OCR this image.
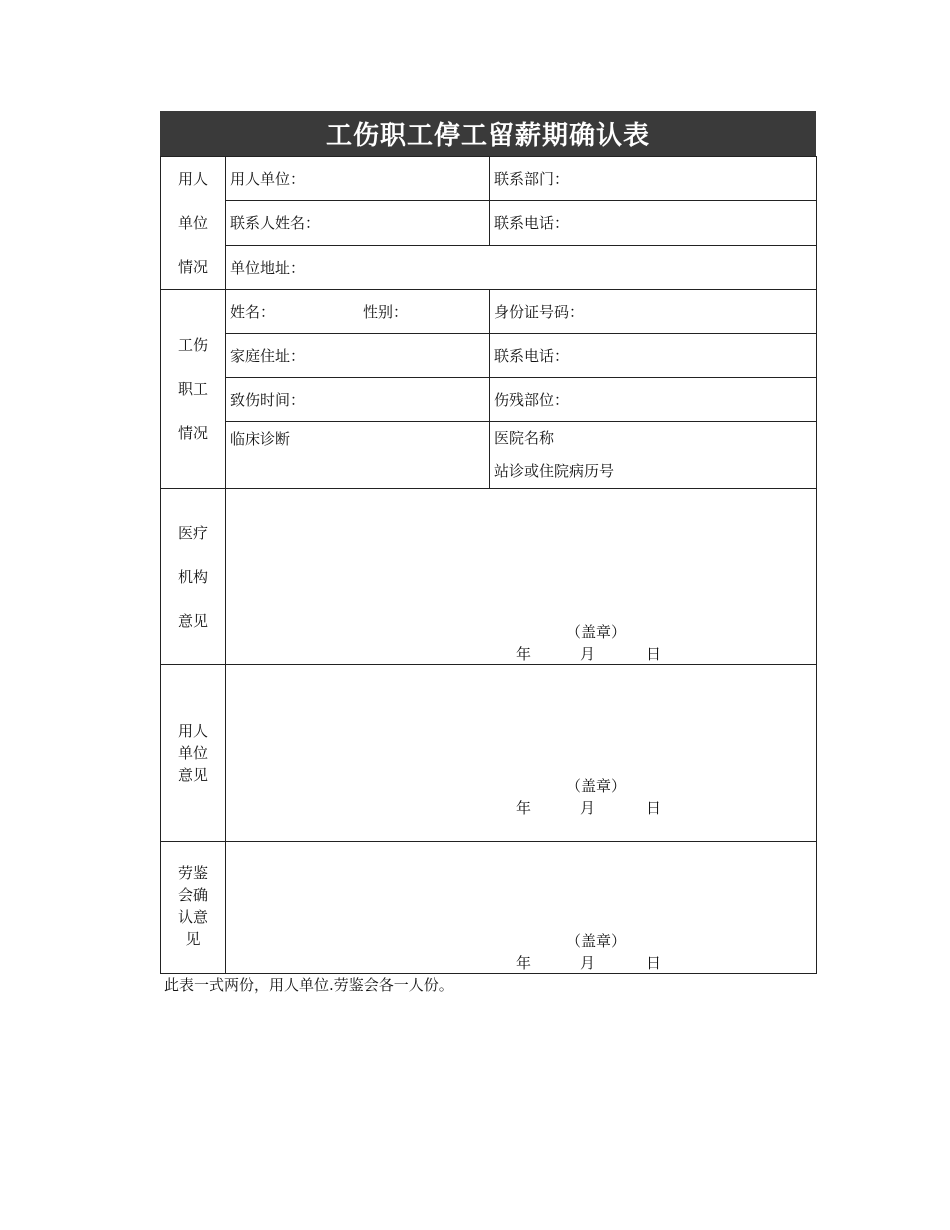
工伤职工停工留薪期确认表
用人
单位
情况	用人单位：	联系部门：
	联系人姓名：	联系电话：
	单位地址：	

工伤
职工
情况	姓名： 性别：	身份证号码：
	家庭住址：	联系电话：
	致伤时间：	伤残部位：
	临床诊断	医院名称
站诊或住院病历号

医疗
机构
意见	（盖章）
年 月 日	

用人
单位
意见	（盖章）
年 月 日	

劳鉴
会确
认意
见	（盖章）
年 月 日	
此表一式两份，用人单位.劳鉴会各一人份。
